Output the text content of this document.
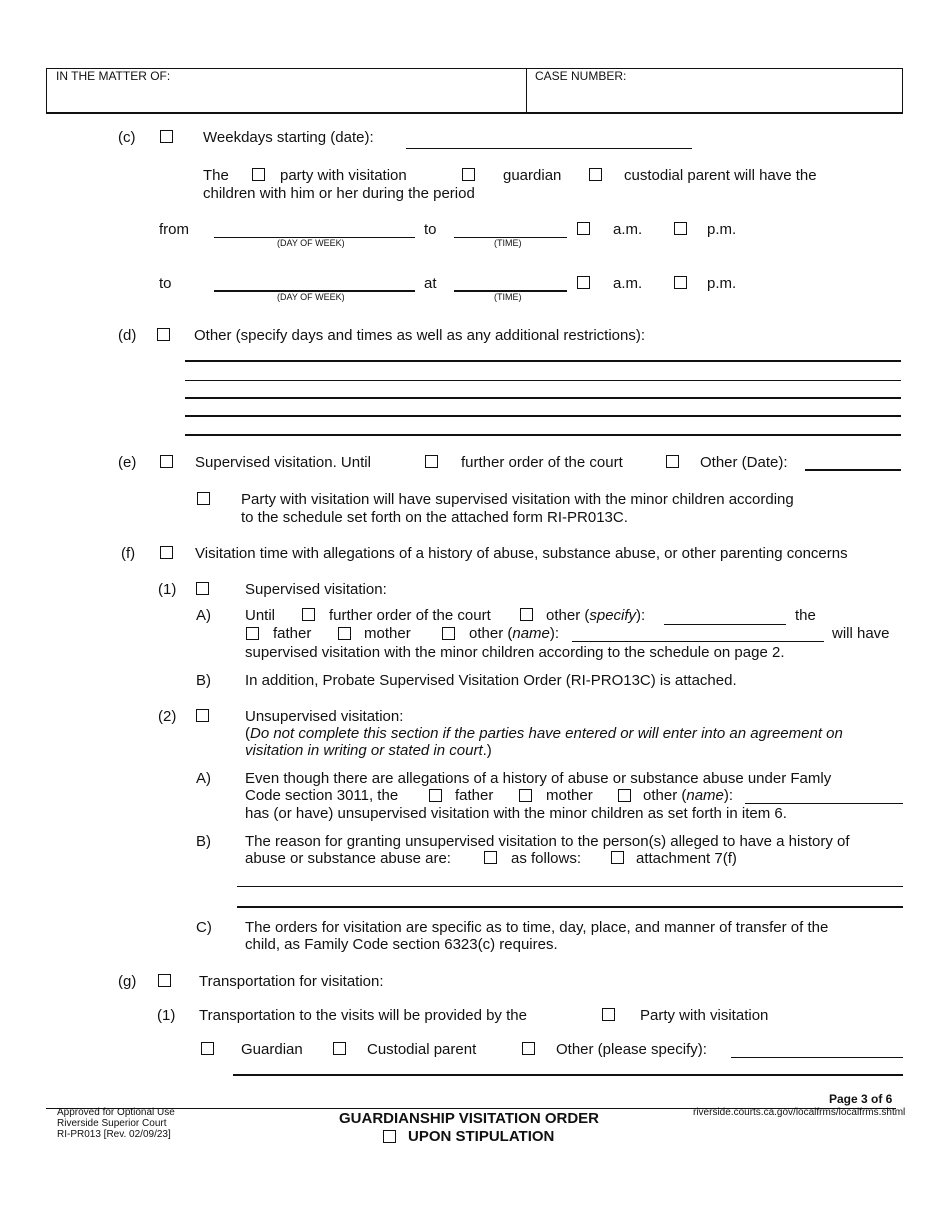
IN THE MATTER OF:	CASE NUMBER:
(c)	Weekdays starting (date):
The	party with visitation	guardian	custodial parent will have the
children with him or her during the period
from
(DAY OF WEEK)
to
(TIME)
a.m.	p.m.
to
(DAY OF WEEK)
at
(TIME)
a.m.	p.m.
(d)	Other (specify days and times as well as any additional restrictions):
(e)	Supervised visitation. Until	further order of the court	Other (Date):
Party with visitation will have supervised visitation with the minor children according
to the schedule set forth on the attached form RI-PR013C.
(f)	Visitation time with allegations of a history of abuse, substance abuse, or other parenting concerns
(1)	Supervised visitation:
A) Until	further order of the court	other (specify):	the
father	mother	other (name):	will have
supervised visitation with the minor children according to the schedule on page 2.
B) In addition, Probate Supervised Visitation Order (RI-PRO13C) is attached.
(2)	Unsupervised visitation:
(Do not complete this section if the parties have entered or will enter into an agreement on
visitation in writing or stated in court.)
A) Even though there are allegations of a history of abuse or substance abuse under Famly
Code section 3011, the	father	mother	other (name):
has (or have) unsupervised visitation with the minor children as set forth in item 6.
B) The reason for granting unsupervised visitation to the person(s) alleged to have a history of
abuse or substance abuse are:	as follows:	attachment 7(f)
C) The orders for visitation are specific as to time, day, place, and manner of transfer of the
child, as Family Code section 6323(c) requires.
(g)	Transportation for visitation:
(1) Transportation to the visits will be provided by the	Party with visitation
Guardian	Custodial parent	Other (please specify):
Page 3 of 6
Approved for Optional Use
Riverside Superior Court
RI-PR013 [Rev. 02/09/23]
GUARDIANSHIP VISITATION ORDER
UPON STIPULATION
riverside.courts.ca.gov/localfrms/localfrms.shtml
